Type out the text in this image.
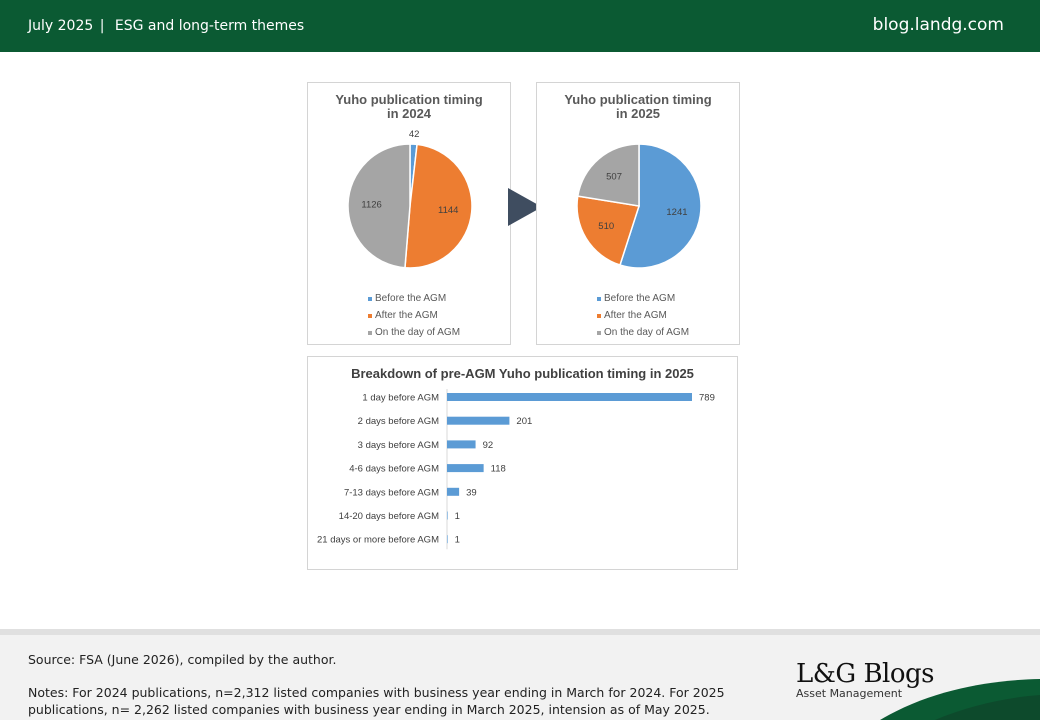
July 2025 | ESG and long-term themes	blog.landg.com
Yuho publication timing
in 2024
42
1144
1126
Before the AGM
After the AGM
On the day of AGM
Yuho publication timing
in 2025
1241
510
507
Before the AGM
After the AGM
On the day of AGM
Breakdown of pre-AGM Yuho publication timing in 2025
1 day before AGM	789
2 days before AGM	201
3 days before AGM	92
4-6 days before AGM	118
7-13 days before AGM	39
14-20 days before AGM 1
21 days or more before AGM 1
Source: FSA (June 2026), compiled by the author.
Notes: For 2024 publications, n=2,312 listed companies with business year ending in March for 2024. For 2025 publications, n= 2,262 listed companies with business year ending in March 2025, intension as of May 2025.
L&G Blogs
Asset Management
